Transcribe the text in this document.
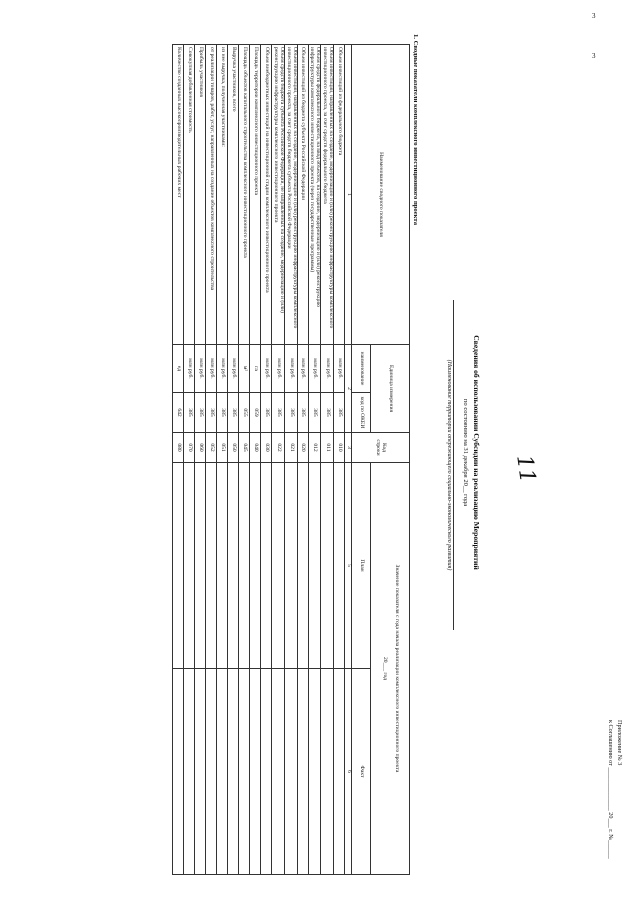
3
3
Приложение № 3
к Соглашению от ______________ 20___ г. №______
11
Сведения об использовании Субсидии на реализацию Мероприятий
по состоянию на 31 декабря 20__ года
(Наименование территории опережающего социально-экономического развития)
1. Сводные показатели комплексного инвестиционного проекта
Наименование сводного показателя	Единица измерения		Код строки	Значение показателя с года начала реализации комплексного инвестиционного проекта
20___ год	

	наименование	код по ОКЕИ		План	Факт
1	2		3	5	6
Объем инвестиций из федерального бюджета	млн руб.	385	010		
Объем инвестиций, направленных на создание, модернизацию и (или) реконструкцию инфраструктуры комплексного инвестиционного проекта, за счет средств федерального бюджета	млн руб.	385	011		
Объем средств федерального бюджета, на ввод объектов, на создание, модернизацию и (или) реконструкцию инфраструктуры комплексного инвестиционного проекта (через государственные программы)	млн руб.	385	012		
Объем инвестиций из бюджета субъекта Российской Федерации	млн руб.	385	020		
Объем инвестиций, направленных на создание, модернизацию и (или) реконструкцию инфраструктуры комплексного инвестиционного проекта, за счет средств бюджета субъекта Российской Федерации	млн руб.	385	021		
Объем средств бюджета субъекта Российской Федерации, не направленных на создание, модернизацию и (или) реконструкцию инфраструктуры комплексного инвестиционного проекта	млн руб.	385	022		
Объем внебюджетных инвестиций на инвестиционной стадии комплексного инвестиционного проекта	млн руб.	385	030		
Площадь территории комплексного инвестиционного проекта	га	059	040		
Площадь объектов капитального строительства комплексного инвестиционного проекта	м²	055	045		
Выручка участников, всего	млн руб.	385	050		
из нее выручка, полученная участниками:	млн руб.	385	051		
от реализации товаров, работ, услуг, направленных на создание объектов комплексного строительства	млн руб.	385	052		
Прибыль участников	млн руб.	385	060		
Совокупная добавленная стоимость	млн руб.	385	070		
Количество созданных высокопроизводительных рабочих мест	ед	642	080		
